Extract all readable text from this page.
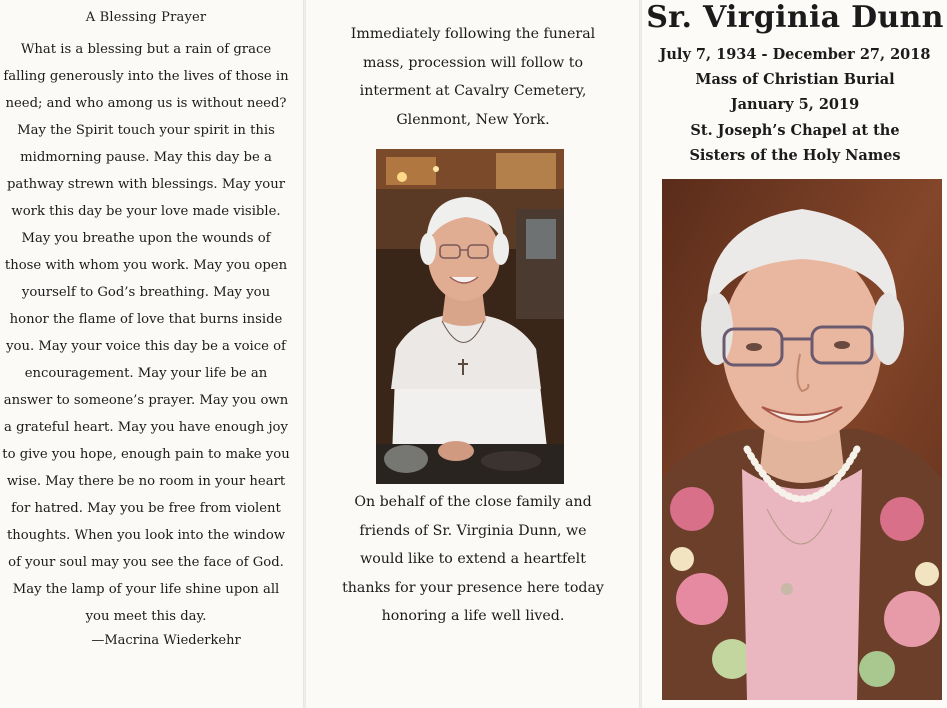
A Blessing Prayer
What is a blessing but a rain of grace
falling generously into the lives of those in
need; and who among us is without need?
May the Spirit touch your spirit in this
midmorning pause. May this day be a
pathway strewn with blessings. May your
work this day be your love made visible.
May you breathe upon the wounds of
those with whom you work. May you open
yourself to God’s breathing. May you
honor the flame of love that burns inside
you. May your voice this day be a voice of
encouragement. May your life be an
answer to someone’s prayer. May you own
a grateful heart. May you have enough joy
to give you hope, enough pain to make you
wise. May there be no room in your heart
for hatred. May you be free from violent
thoughts. When you look into the window
of your soul may you see the face of God.
May the lamp of your life shine upon all
you meet this day.
—Macrina Wiederkehr
Immediately following the funeral
mass, procession will follow to
interment at Cavalry Cemetery,
Glenmont, New York.
On behalf of the close family and
friends of Sr. Virginia Dunn, we
would like to extend a heartfelt
thanks for your presence here today
honoring a life well lived.
Sr. Virginia Dunn
July 7, 1934 - December 27, 2018
Mass of Christian Burial
January 5, 2019
St. Joseph’s Chapel at the
Sisters of the Holy Names
